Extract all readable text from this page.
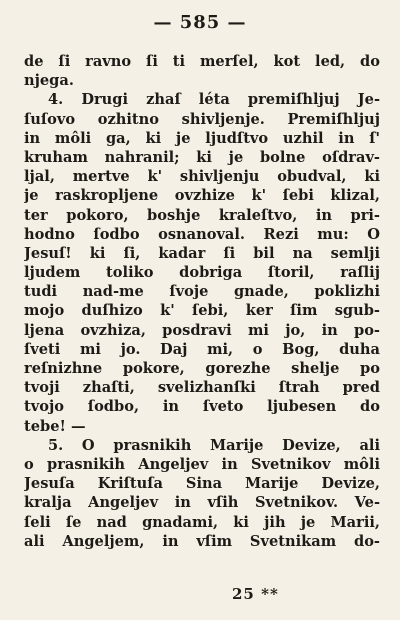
— 585 —
de ſi ravno ſi ti merſel, kot led, do
njega.
4. Drugi zhaſ léta premiſhljuj Je-
ſuſovo ozhitno shivljenje. Premiſhljuj
in môli ga, ki je ljudſtvo uzhil in ſ'
kruham nahranil; ki je bolne oſdrav-
ljal, mertve k' shivljenju obudval, ki
je raskropljene ovzhize k' ſebi klizal,
ter pokoro, boshje kraleſtvo, in pri-
hodno ſodbo osnanoval. Rezi mu: O
Jesuſ! ki ſi, kadar ſi bil na semlji
ljudem toliko dobriga ſtoril, raſlij
tudi nad-me ſvoje gnade, poklizhi
mojo duſhizo k' ſebi, ker ſim sgub-
ljena ovzhiza, posdravi mi jo, in po-
ſveti mi jo. Daj mi, o Bog, duha
reſnizhne pokore, gorezhe shelje po
tvoji zhaſti, svelizhanſki ſtrah pred
tvojo ſodbo, in ſveto ljubesen do
tebe! —
5. O prasnikih Marije Devize, ali
o prasnikih Angeljev in Svetnikov môli
Jesuſa Kriſtuſa Sina Marije Devize,
kralja Angeljev in vſih Svetnikov. Ve-
ſeli ſe nad gnadami, ki jih je Marii,
ali Angeljem, in vſim Svetnikam do-
25 **
